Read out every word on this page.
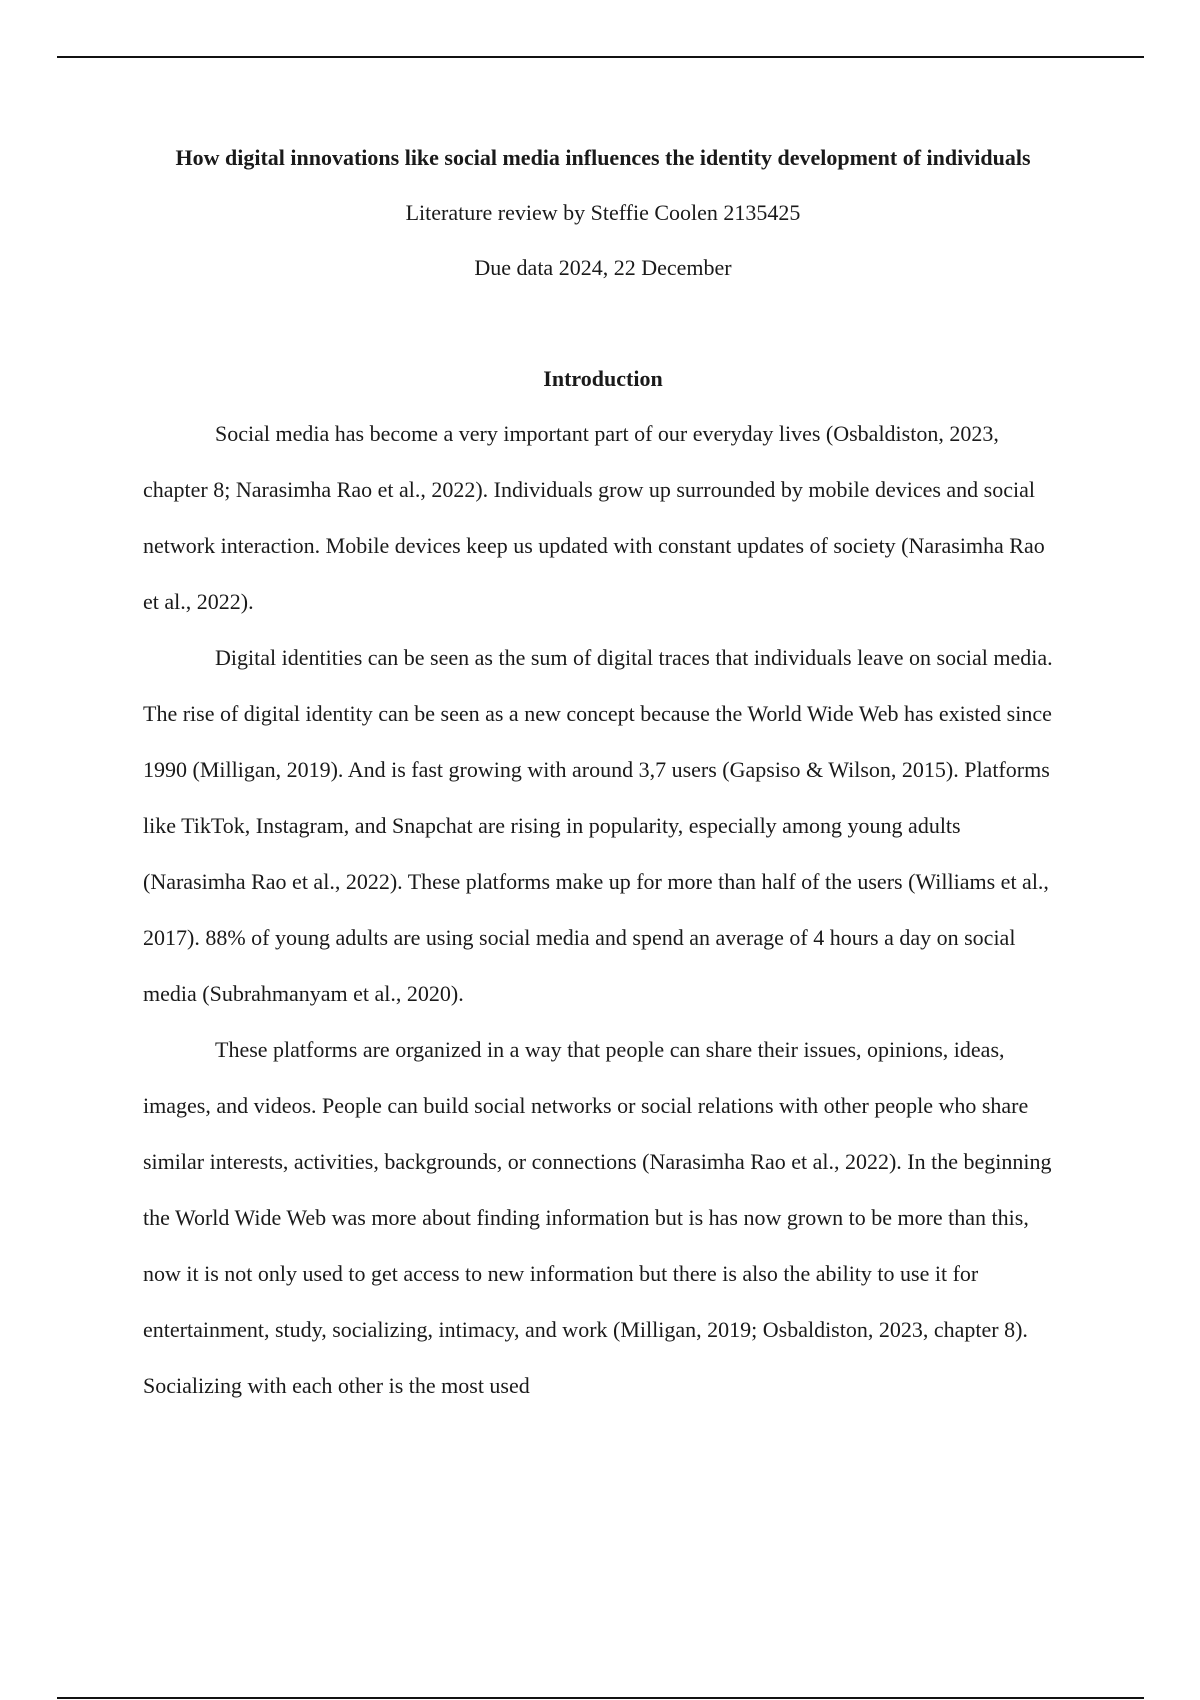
How digital innovations like social media influences the identity development of individuals

Literature review by Steffie Coolen 2135425

Due data 2024, 22 December

Introduction

Social media has become a very important part of our everyday lives (Osbaldiston, 2023, chapter 8; Narasimha Rao et al., 2022). Individuals grow up surrounded by mobile devices and social network interaction. Mobile devices keep us updated with constant updates of society (Narasimha Rao et al., 2022).

Digital identities can be seen as the sum of digital traces that individuals leave on social media. The rise of digital identity can be seen as a new concept because the World Wide Web has existed since 1990 (Milligan, 2019). And is fast growing with around 3,7 users (Gapsiso & Wilson, 2015). Platforms like TikTok, Instagram, and Snapchat are rising in popularity, especially among young adults (Narasimha Rao et al., 2022). These platforms make up for more than half of the users (Williams et al., 2017). 88% of young adults are using social media and spend an average of 4 hours a day on social media (Subrahmanyam et al., 2020).

These platforms are organized in a way that people can share their issues, opinions, ideas, images, and videos. People can build social networks or social relations with other people who share similar interests, activities, backgrounds, or connections (Narasimha Rao et al., 2022). In the beginning the World Wide Web was more about finding information but is has now grown to be more than this, now it is not only used to get access to new information but there is also the ability to use it for entertainment, study, socializing, intimacy, and work (Milligan, 2019; Osbaldiston, 2023, chapter 8). Socializing with each other is the most used
